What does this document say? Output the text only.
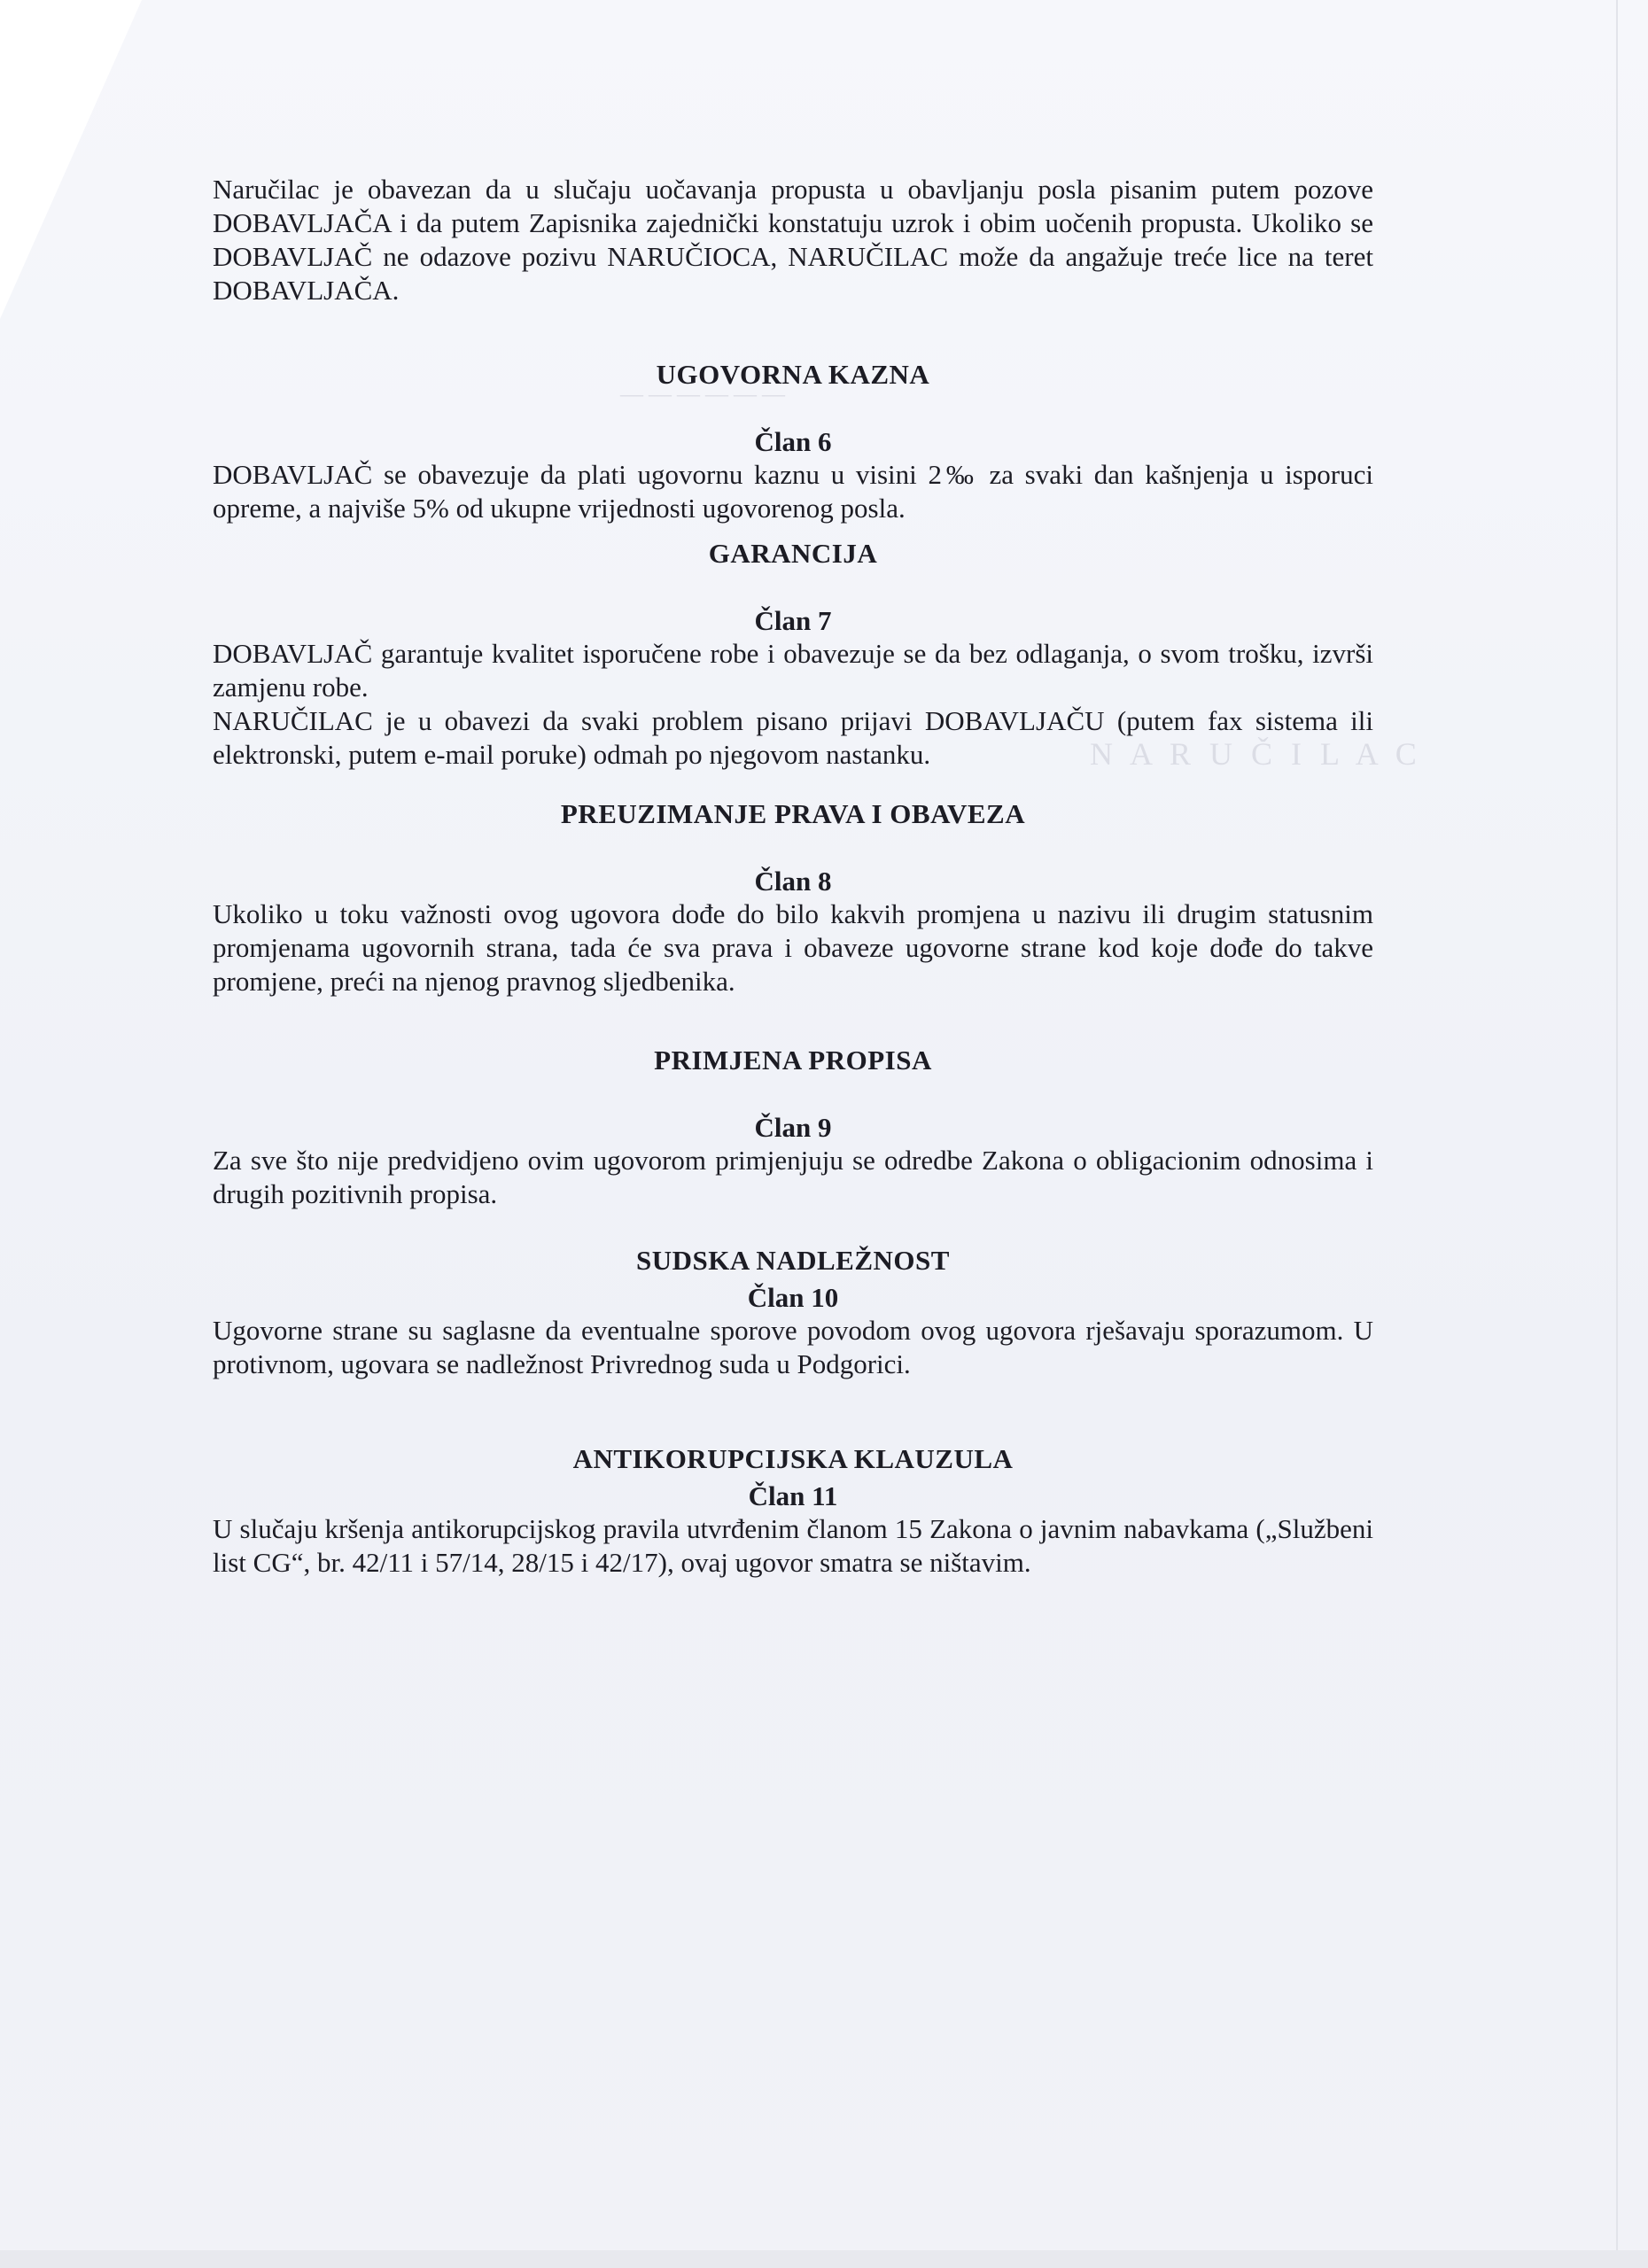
N A R U Č I L A C
——————

Naručilac je obavezan da u slučaju uočavanja propusta u obavljanju posla pisanim putem pozove DOBAVLJAČA i da putem Zapisnika zajednički konstatuju uzrok i obim uočenih propusta. Ukoliko se DOBAVLJAČ ne odazove pozivu NARUČIOCA, NARUČILAC može da angažuje treće lice na teret DOBAVLJAČA.

UGOVORNA KAZNA

Član 6

DOBAVLJAČ se obavezuje da plati ugovornu kaznu u visini 2‰ za svaki dan kašnjenja u isporuci opreme, a najviše 5% od ukupne vrijednosti ugovorenog posla.

GARANCIJA

Član 7

DOBAVLJAČ garantuje kvalitet isporučene robe i obavezuje se da bez odlaganja, o svom trošku, izvrši zamjenu robe.

NARUČILAC je u obavezi da svaki problem pisano prijavi DOBAVLJAČU (putem fax sistema ili elektronski, putem e-mail poruke) odmah po njegovom nastanku.

PREUZIMANJE PRAVA I OBAVEZA

Član 8

Ukoliko u toku važnosti ovog ugovora dođe do bilo kakvih promjena u nazivu ili drugim statusnim promjenama ugovornih strana, tada će sva prava i obaveze ugovorne strane kod koje dođe do takve promjene, preći na njenog pravnog sljedbenika.

PRIMJENA PROPISA

Član 9

Za sve što nije predvidjeno ovim ugovorom primjenjuju se odredbe Zakona o obligacionim odnosima i drugih pozitivnih propisa.

SUDSKA NADLEŽNOST

Član 10

Ugovorne strane su saglasne da eventualne sporove povodom ovog ugovora rješavaju sporazumom. U protivnom, ugovara se nadležnost Privrednog suda u Podgorici.

ANTIKORUPCIJSKA KLAUZULA

Član 11

U slučaju kršenja antikorupcijskog pravila utvrđenim članom 15 Zakona o javnim nabavkama („Službeni list CG“, br. 42/11 i 57/14, 28/15 i 42/17), ovaj ugovor smatra se ništavim.
